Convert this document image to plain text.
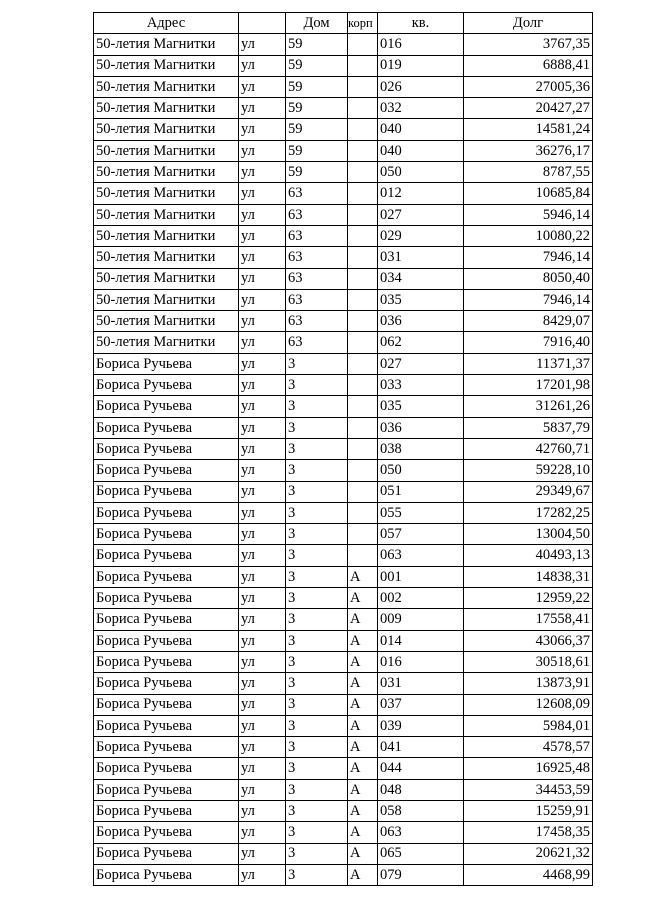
Адрес		Дом	корп	кв.	Долг
50-летия Магнитки	ул	59		016	3767,35
50-летия Магнитки	ул	59		019	6888,41
50-летия Магнитки	ул	59		026	27005,36
50-летия Магнитки	ул	59		032	20427,27
50-летия Магнитки	ул	59		040	14581,24
50-летия Магнитки	ул	59		040	36276,17
50-летия Магнитки	ул	59		050	8787,55
50-летия Магнитки	ул	63		012	10685,84
50-летия Магнитки	ул	63		027	5946,14
50-летия Магнитки	ул	63		029	10080,22
50-летия Магнитки	ул	63		031	7946,14
50-летия Магнитки	ул	63		034	8050,40
50-летия Магнитки	ул	63		035	7946,14
50-летия Магнитки	ул	63		036	8429,07
50-летия Магнитки	ул	63		062	7916,40
Бориса Ручьева	ул	3		027	11371,37
Бориса Ручьева	ул	3		033	17201,98
Бориса Ручьева	ул	3		035	31261,26
Бориса Ручьева	ул	3		036	5837,79
Бориса Ручьева	ул	3		038	42760,71
Бориса Ручьева	ул	3		050	59228,10
Бориса Ручьева	ул	3		051	29349,67
Бориса Ручьева	ул	3		055	17282,25
Бориса Ручьева	ул	3		057	13004,50
Бориса Ручьева	ул	3		063	40493,13
Бориса Ручьева	ул	3	А	001	14838,31
Бориса Ручьева	ул	3	А	002	12959,22
Бориса Ручьева	ул	3	А	009	17558,41
Бориса Ручьева	ул	3	А	014	43066,37
Бориса Ручьева	ул	3	А	016	30518,61
Бориса Ручьева	ул	3	А	031	13873,91
Бориса Ручьева	ул	3	А	037	12608,09
Бориса Ручьева	ул	3	А	039	5984,01
Бориса Ручьева	ул	3	А	041	4578,57
Бориса Ручьева	ул	3	А	044	16925,48
Бориса Ручьева	ул	3	А	048	34453,59
Бориса Ручьева	ул	3	А	058	15259,91
Бориса Ручьева	ул	3	А	063	17458,35
Бориса Ручьева	ул	3	А	065	20621,32
Бориса Ручьева	ул	3	А	079	4468,99
